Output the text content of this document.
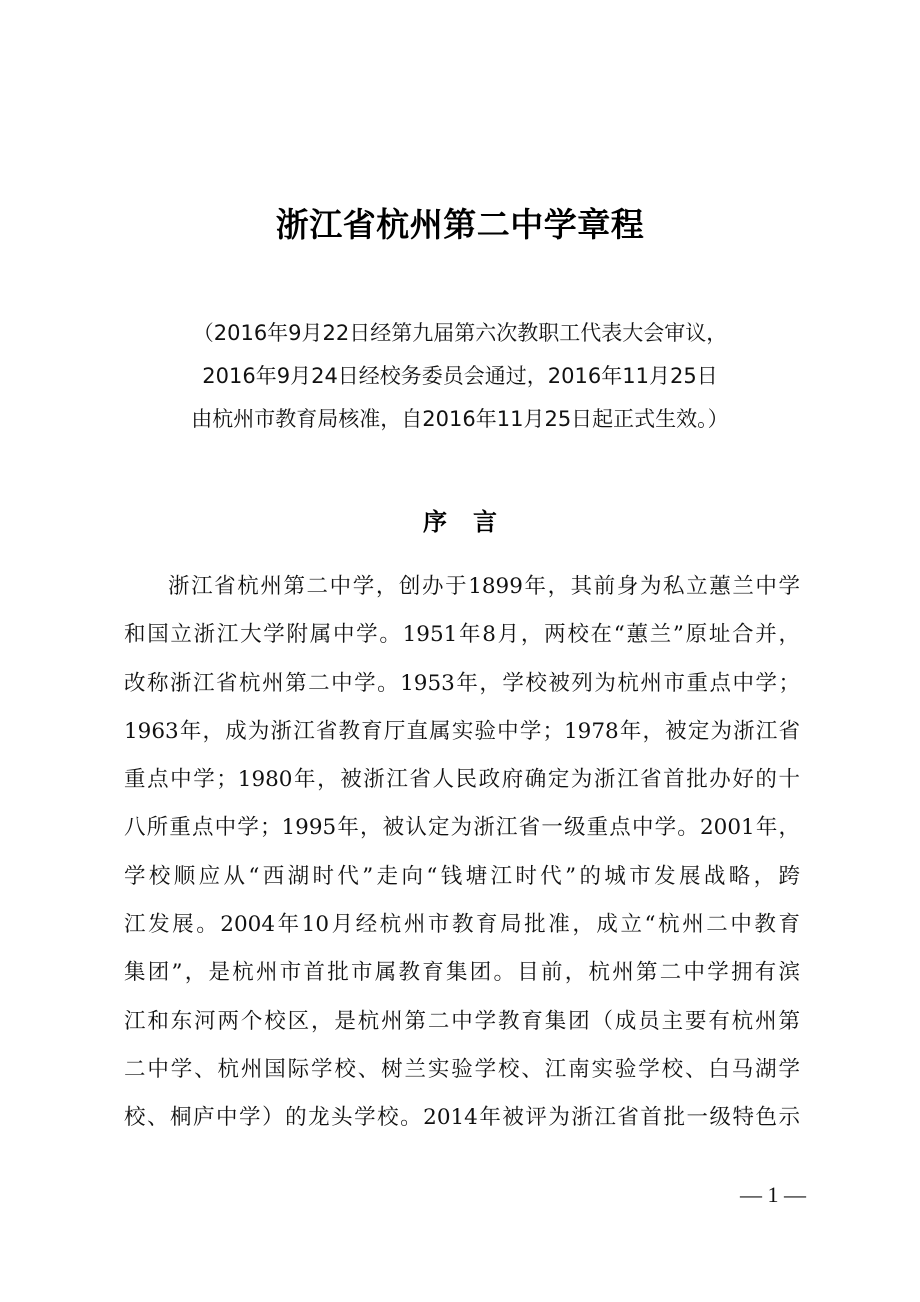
浙江省杭州第二中学章程
（2016年9月22日经第九届第六次教职工代表大会审议，
2016年9月24日经校务委员会通过，2016年11月25日
由杭州市教育局核准，自2016年11月25日起正式生效。）
序言
浙江省杭州第二中学，创办于1899年，其前身为私立蕙兰中学
和国立浙江大学附属中学。1951年8月，两校在“蕙兰”原址合并，
改称浙江省杭州第二中学。1953年，学校被列为杭州市重点中学；
1963年，成为浙江省教育厅直属实验中学；1978年，被定为浙江省
重点中学；1980年，被浙江省人民政府确定为浙江省首批办好的十
八所重点中学；1995年，被认定为浙江省一级重点中学。2001年，
学校顺应从“西湖时代”走向“钱塘江时代”的城市发展战略，跨
江发展。2004年10月经杭州市教育局批准，成立“杭州二中教育
集团”，是杭州市首批市属教育集团。目前，杭州第二中学拥有滨
江和东河两个校区，是杭州第二中学教育集团（成员主要有杭州第
二中学、杭州国际学校、树兰实验学校、江南实验学校、白马湖学
校、桐庐中学）的龙头学校。2014年被评为浙江省首批一级特色示
— 1 —
